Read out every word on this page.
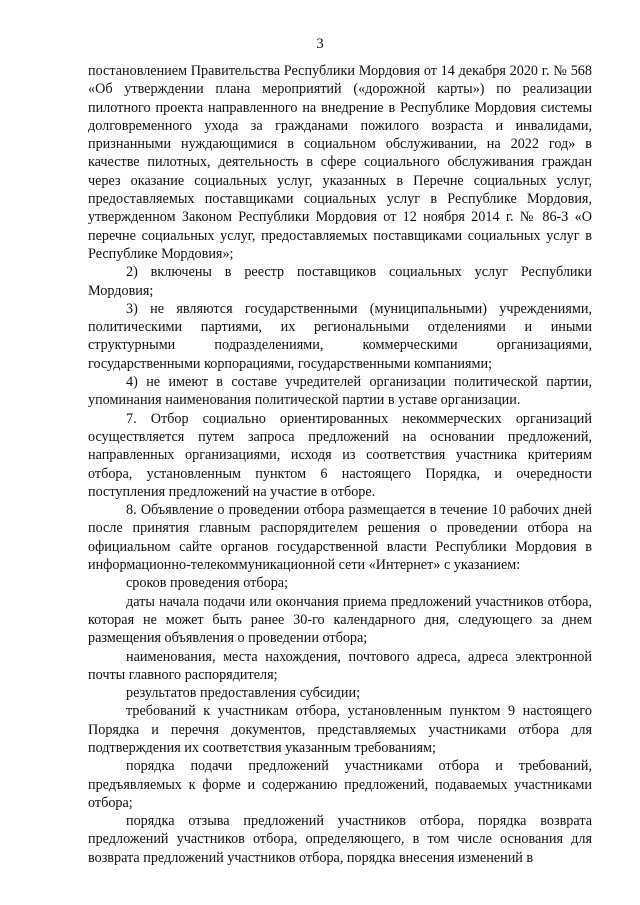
3

постановлением Правительства Республики Мордовия от 14 декабря 2020 г. № 568 «Об утверждении плана мероприятий («дорожной карты») по реализации пилотного проекта направленного на внедрение в Республике Мордовия системы долговременного ухода за гражданами пожилого возраста и инвалидами, признанными нуждающимися в социальном обслуживании, на 2022 год» в качестве пилотных, деятельность в сфере социального обслуживания граждан через оказание социальных услуг, указанных в Перечне социальных услуг, предоставляемых поставщиками социальных услуг в Республике Мордовия, утвержденном Законом Республики Мордовия от 12 ноября 2014 г. № 86-З «О перечне социальных услуг, предоставляемых поставщиками социальных услуг в Республике Мордовия»;

2) включены в реестр поставщиков социальных услуг Республики Мордовия;

3) не являются государственными (муниципальными) учреждениями, политическими партиями, их региональными отделениями и иными структурными подразделениями, коммерческими организациями, государственными корпорациями, государственными компаниями;

4) не имеют в составе учредителей организации политической партии, упоминания наименования политической партии в уставе организации.

7. Отбор социально ориентированных некоммерческих организаций осуществляется путем запроса предложений на основании предложений, направленных организациями, исходя из соответствия участника критериям отбора, установленным пунктом 6 настоящего Порядка, и очередности поступления предложений на участие в отборе.

8. Объявление о проведении отбора размещается в течение 10 рабочих дней после принятия главным распорядителем решения о проведении отбора на официальном сайте органов государственной власти Республики Мордовия в информационно-телекоммуникационной сети «Интернет» с указанием:

сроков проведения отбора;

даты начала подачи или окончания приема предложений участников отбора, которая не может быть ранее 30-го календарного дня, следующего за днем размещения объявления о проведении отбора;

наименования, места нахождения, почтового адреса, адреса электронной почты главного распорядителя;

результатов предоставления субсидии;

требований к участникам отбора, установленным пунктом 9 настоящего Порядка и перечня документов, представляемых участниками отбора для подтверждения их соответствия указанным требованиям;

порядка подачи предложений участниками отбора и требований, предъявляемых к форме и содержанию предложений, подаваемых участниками отбора;

порядка отзыва предложений участников отбора, порядка возврата предложений участников отбора, определяющего, в том числе основания для возврата предложений участников отбора, порядка внесения изменений в
